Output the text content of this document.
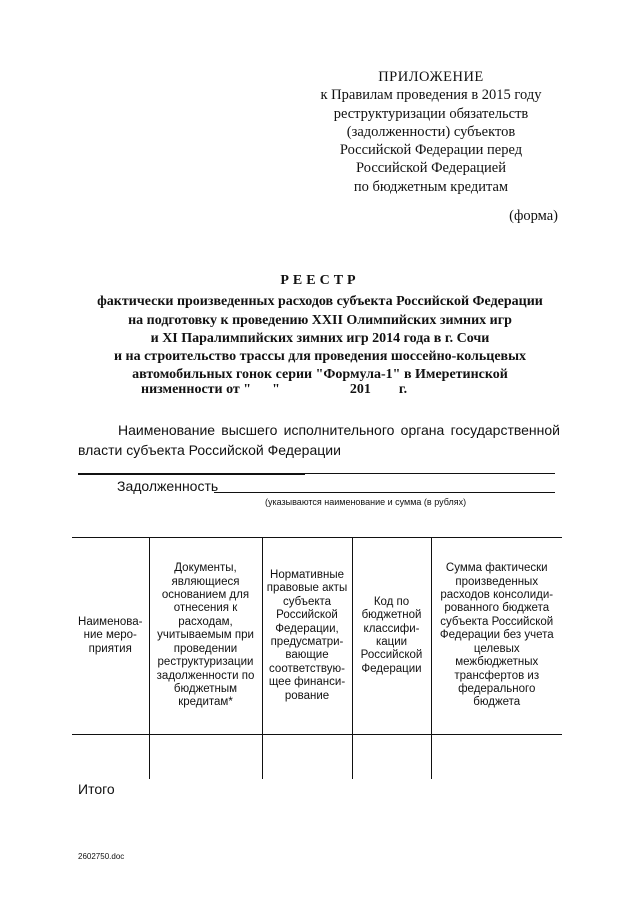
ПРИЛОЖЕНИЕ
к Правилам проведения в 2015 году
реструктуризации обязательств
(задолженности) субъектов
Российской Федерации перед
Российской Федерацией
по бюджетным кредитам
(форма)
РЕЕСТР
фактически произведенных расходов субъекта Российской Федерации
на подготовку к проведению XXII Олимпийских зимних игр
и XI Паралимпийских зимних игр 2014 года в г. Сочи
и на строительство трассы для проведения шоссейно-кольцевых
автомобильных гонок серии "Формула-1" в Имеретинской
низменности от "      "                    201        г.
Наименование высшего исполнительного органа государственной
власти субъекта Российской Федерации
Задолженность
(указываются наименование и сумма (в рублях)
Наименова-ние меро-приятия	Документы, являющиеся основанием для отнесения к расходам, учитываемым при проведении реструктуризации задолженности по бюджетным кредитам*	Нормативные правовые акты субъекта Российской Федерации, предусматри-вающие соответствую-щее финанси-рование	Код по бюджетной классифи-кации Российской Федерации	Сумма фактически произведенных расходов консолиди-рованного бюджета субъекта Российской Федерации без учета целевых межбюджетных трансфертов из федерального бюджета

Итого
2602750.doc
